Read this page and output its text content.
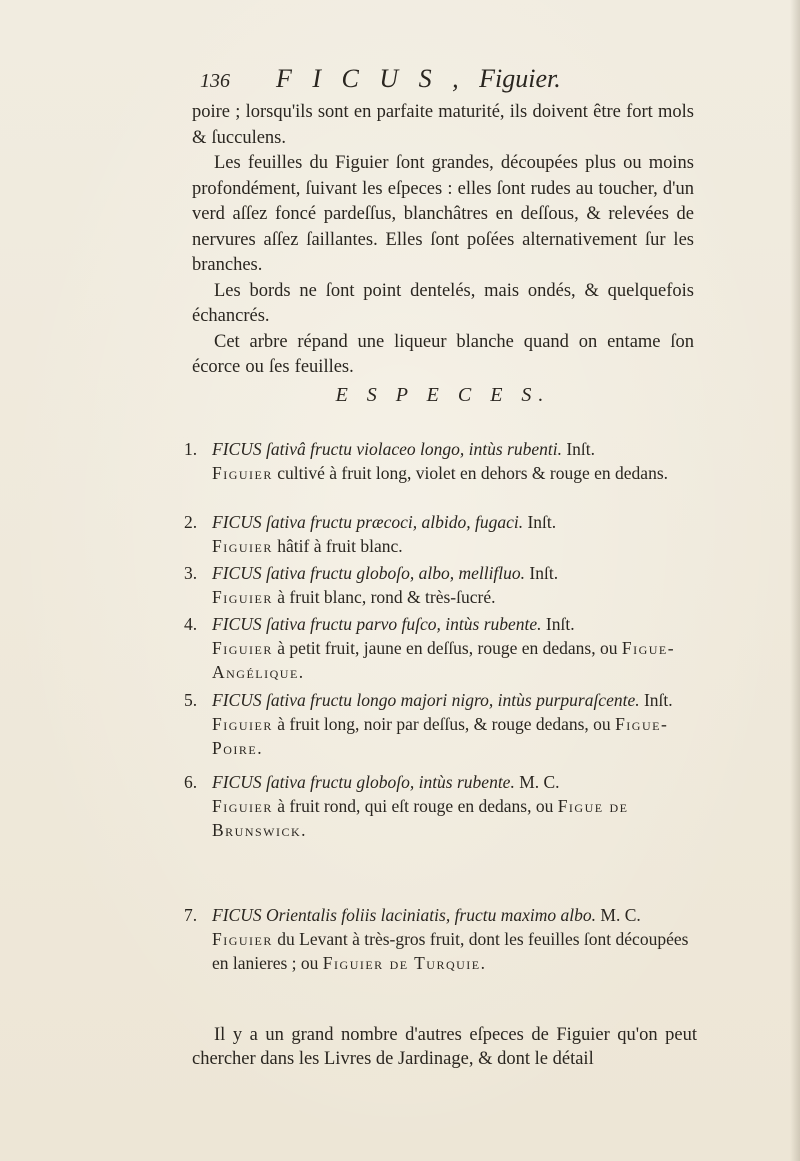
136 F I C U S , Figuier.
poire ; lorsqu'ils sont en parfaite maturité, ils doivent être fort mols & ſucculens.
Les feuilles du Figuier ſont grandes, découpées plus ou moins profondément, ſuivant les eſpeces : elles ſont rudes au toucher, d'un verd aſſez foncé pardeſſus, blanchâtres en deſſous, & relevées de nervures aſſez ſaillantes. Elles ſont poſées alternativement ſur les branches.
Les bords ne ſont point dentelés, mais ondés, & quelquefois échancrés.
Cet arbre répand une liqueur blanche quand on entame ſon écorce ou ſes feuilles.
E S P E C E S.
1. FICUS ſativâ fructu violaceo longo, intùs rubenti. Inſt.
Figuier cultivé à fruit long, violet en dehors & rouge en dedans.
2. FICUS ſativa fructu præcoci, albido, fugaci. Inſt.
Figuier hâtif à fruit blanc.
3. FICUS ſativa fructu globoſo, albo, mellifluo. Inſt.
Figuier à fruit blanc, rond & très-ſucré.
4. FICUS ſativa fructu parvo fuſco, intùs rubente. Inſt.
Figuier à petit fruit, jaune en deſſus, rouge en dedans, ou Figue-Angélique.
5. FICUS ſativa fructu longo majori nigro, intùs purpuraſcente. Inſt.
Figuier à fruit long, noir par deſſus, & rouge dedans, ou Figue-Poire.
6. FICUS ſativa fructu globoſo, intùs rubente. M. C.
Figuier à fruit rond, qui eſt rouge en dedans, ou Figue de Brunswick.
7. FICUS Orientalis foliis laciniatis, fructu maximo albo. M. C.
Figuier du Levant à très-gros fruit, dont les feuilles ſont découpées en lanieres ; ou Figuier de Turquie.
Il y a un grand nombre d'autres eſpeces de Figuier qu'on peut chercher dans les Livres de Jardinage, & dont le détail
